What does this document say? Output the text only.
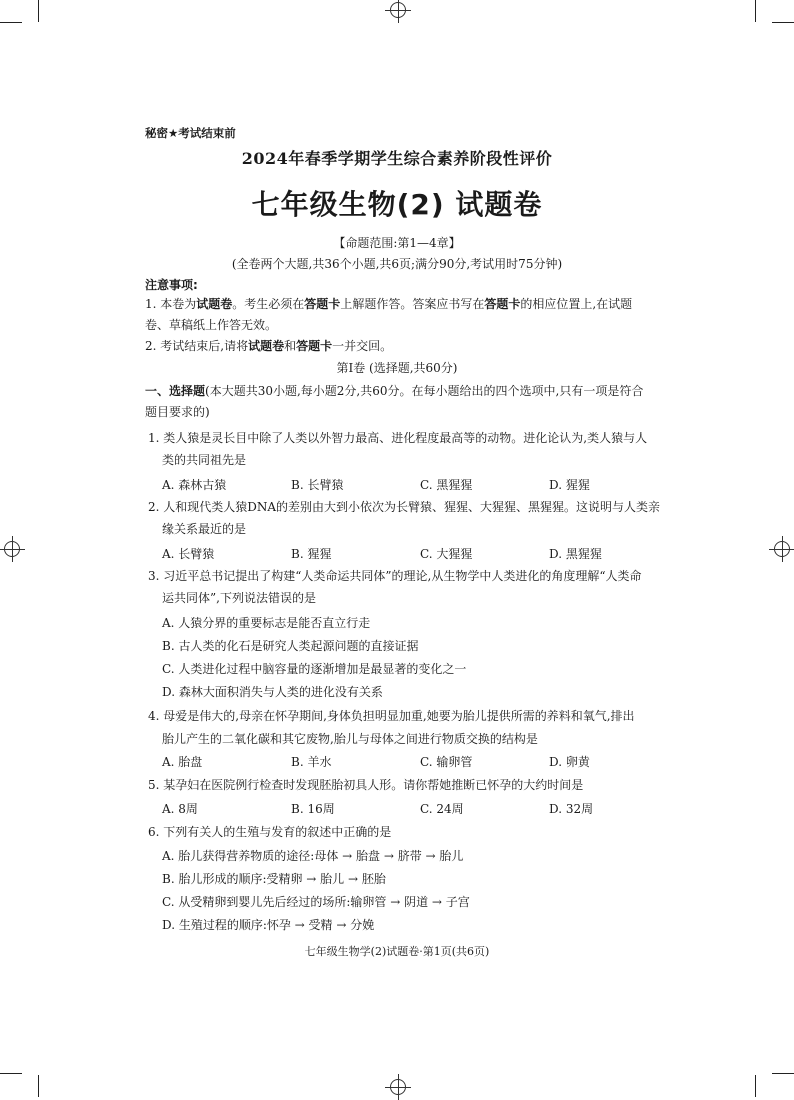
秘密★考试结束前
2024年春季学期学生综合素养阶段性评价
七年级生物(2) 试题卷
【命题范围:第1—4章】
(全卷两个大题,共36个小题,共6页;满分90分,考试用时75分钟)
注意事项:
1. 本卷为试题卷。考生必须在答题卡上解题作答。答案应书写在答题卡的相应位置上,在试题
卷、草稿纸上作答无效。
2. 考试结束后,请将试题卷和答题卡一并交回。
第Ⅰ卷 (选择题,共60分)
一、选择题(本大题共30小题,每小题2分,共60分。在每小题给出的四个选项中,只有一项是符合
题目要求的)
1. 类人猿是灵长目中除了人类以外智力最高、进化程度最高等的动物。进化论认为,类人猿与人
类的共同祖先是
A. 森林古猿	B. 长臂猿	C. 黑猩猩	D. 猩猩
2. 人和现代类人猿DNA的差别由大到小依次为长臂猿、猩猩、大猩猩、黑猩猩。这说明与人类亲
缘关系最近的是
A. 长臂猿	B. 猩猩	C. 大猩猩	D. 黑猩猩
3. 习近平总书记提出了构建“人类命运共同体”的理论,从生物学中人类进化的角度理解“人类命
运共同体”,下列说法错误的是
A. 人猿分界的重要标志是能否直立行走
B. 古人类的化石是研究人类起源问题的直接证据
C. 人类进化过程中脑容量的逐渐增加是最显著的变化之一
D. 森林大面积消失与人类的进化没有关系
4. 母爱是伟大的,母亲在怀孕期间,身体负担明显加重,她要为胎儿提供所需的养料和氧气,排出
胎儿产生的二氧化碳和其它废物,胎儿与母体之间进行物质交换的结构是
A. 胎盘	B. 羊水	C. 输卵管	D. 卵黄
5. 某孕妇在医院例行检查时发现胚胎初具人形。请你帮她推断已怀孕的大约时间是
A. 8周	B. 16周	C. 24周	D. 32周
6. 下列有关人的生殖与发育的叙述中正确的是
A. 胎儿获得营养物质的途径:母体 → 胎盘 → 脐带 → 胎儿
B. 胎儿形成的顺序:受精卵 → 胎儿 → 胚胎
C. 从受精卵到婴儿先后经过的场所:输卵管 → 阴道 → 子宫
D. 生殖过程的顺序:怀孕 → 受精 → 分娩
七年级生物学(2)试题卷·第1页(共6页)
